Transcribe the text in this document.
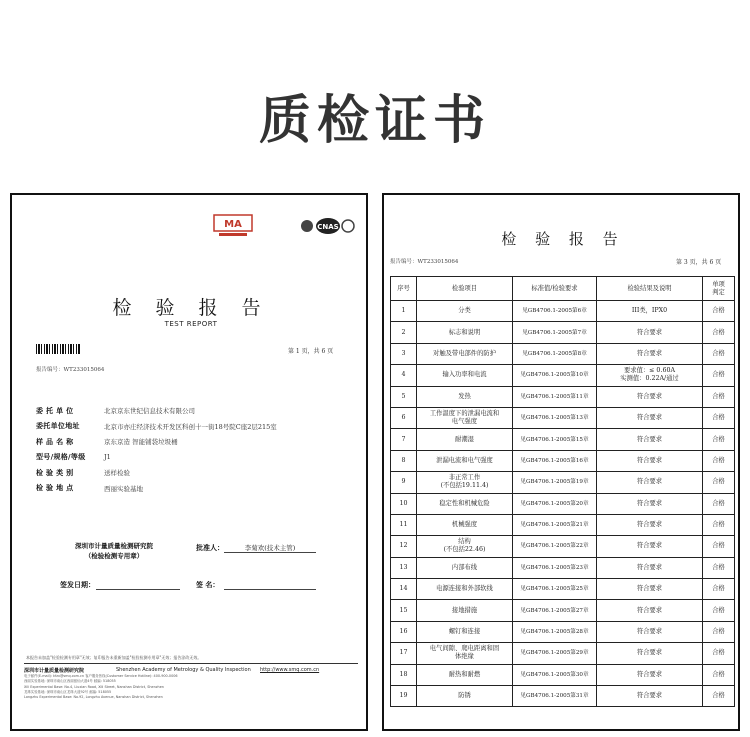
质检证书
MA	CNAS
检 验 报 告
TEST REPORT
第 1 页，共 6 页
报告编号：WT233015064
委 托 单 位	北京京东世纪信息技术有限公司
委托单位地址	北京市亦庄经济技术开发区科创十一街18号院C座2层215室
样 品 名 称	京东京造 智能铺袋垃圾桶
型号/规格/等级	J1
检 验 类 别	送样检验
检 验 地 点	西丽实验基地
深圳市计量质量检测研究院
（检验检测专用章）
批准人：	李菊欢(技术主管)
签发日期：	签 名：
本报告未加盖"检验检测专用章"无效；复印报告未重新加盖"检验检测专用章"无效；报告涂改无效。
深圳市计量质量检测研究院	Shenzhen Academy of Metrology & Quality Inspection http://www.smq.com.cn
电子邮件(E-mail): kfzx@smq.com.cn 客户服务热线(Customer Service Hotline): 400-900-0006
西丽实验基地: 深圳市南山区西丽留仙大道4号 邮编: 518055
Xili Experimental Base: No.4, Liuxian Road, Xili Street, Nanshan District, Shenzhen
龙珠实验基地: 深圳市南山区龙珠大道92号 邮编: 518055
Longzhu Experimental Base: No.92, Longzhu Avenue, Nanshan District, Shenzhen
检 验 报 告
报告编号：WT233015064	第 3 页，共 6 页
序号	检验项目	标准值/检验要求	检验结果及说明	单项
判定
1	分类	见GB4706.1-2005第6章	III类，IPX0	合格
2	标志和说明	见GB4706.1-2005第7章	符合要求	合格
3	对触及带电部件的防护	见GB4706.1-2005第8章	符合要求	合格
4	输入功率和电流	见GB4706.1-2005第10章	要求值：≤ 0.60A
实测值：0.22A/通过	合格
5	发热	见GB4706.1-2005第11章	符合要求	合格
6	工作温度下的泄漏电流和
电气强度	见GB4706.1-2005第13章	符合要求	合格
7	耐潮湿	见GB4706.1-2005第15章	符合要求	合格
8	泄漏电流和电气强度	见GB4706.1-2005第16章	符合要求	合格
9	非正常工作
(不包括19.11.4)	见GB4706.1-2005第19章	符合要求	合格
10	稳定性和机械危险	见GB4706.1-2005第20章	符合要求	合格
11	机械强度	见GB4706.1-2005第21章	符合要求	合格
12	结构
(不包括22.46)	见GB4706.1-2005第22章	符合要求	合格
13	内部布线	见GB4706.1-2005第23章	符合要求	合格
14	电源连接和外部软线	见GB4706.1-2005第25章	符合要求	合格
15	接地措施	见GB4706.1-2005第27章	符合要求	合格
16	螺钉和连接	见GB4706.1-2005第28章	符合要求	合格
17	电气间隙、爬电距离和固
体绝缘	见GB4706.1-2005第29章	符合要求	合格
18	耐热和耐燃	见GB4706.1-2005第30章	符合要求	合格
19	防锈	见GB4706.1-2005第31章	符合要求	合格
